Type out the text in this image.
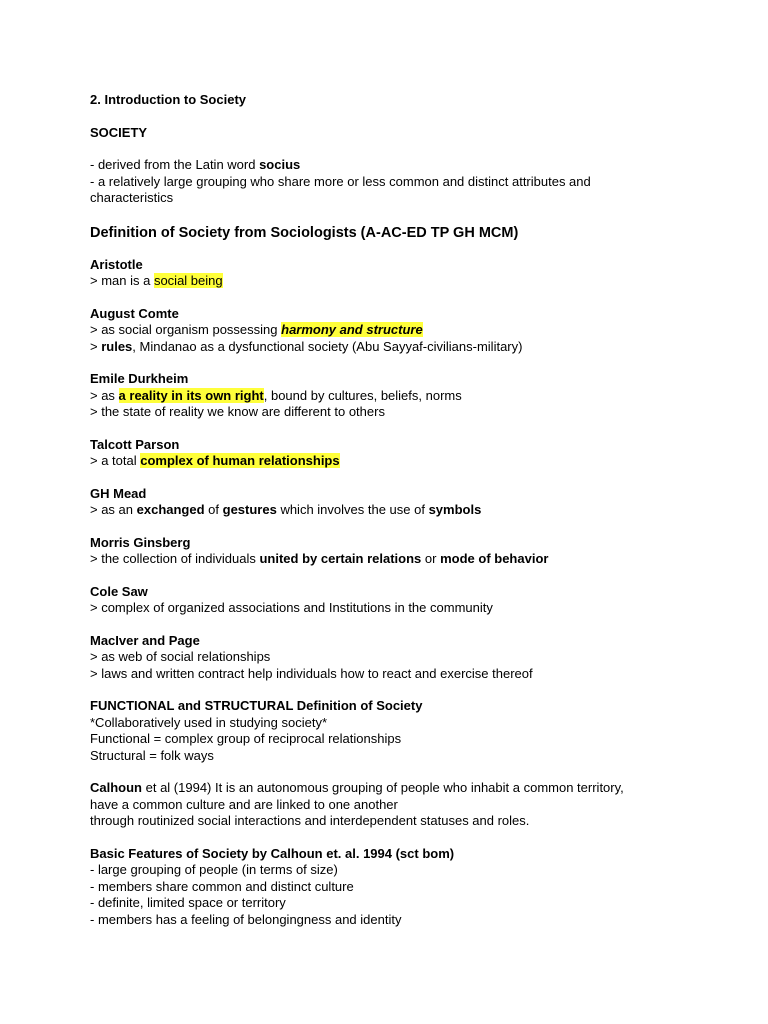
2. Introduction to Society
SOCIETY
- derived from the Latin word socius
- a relatively large grouping who share more or less common and distinct attributes and
characteristics
Definition of Society from Sociologists (A-AC-ED TP GH MCM)
Aristotle
> man is a social being
August Comte
> as social organism possessing harmony and structure
> rules, Mindanao as a dysfunctional society (Abu Sayyaf-civilians-military)
Emile Durkheim
> as a reality in its own right, bound by cultures, beliefs, norms
> the state of reality we know are different to others
Talcott Parson
> a total complex of human relationships
GH Mead
> as an exchanged of gestures which involves the use of symbols
Morris Ginsberg
> the collection of individuals united by certain relations or mode of behavior
Cole Saw
> complex of organized associations and Institutions in the community
MacIver and Page
> as web of social relationships
> laws and written contract help individuals how to react and exercise thereof
FUNCTIONAL and STRUCTURAL Definition of Society
*Collaboratively used in studying society*
Functional = complex group of reciprocal relationships
Structural = folk ways
Calhoun et al (1994) It is an autonomous grouping of people who inhabit a common territory,
have a common culture and are linked to one another
through routinized social interactions and interdependent statuses and roles.
Basic Features of Society by Calhoun et. al. 1994 (sct bom)
- large grouping of people (in terms of size)
- members share common and distinct culture
- definite, limited space or territory
- members has a feeling of belongingness and identity
